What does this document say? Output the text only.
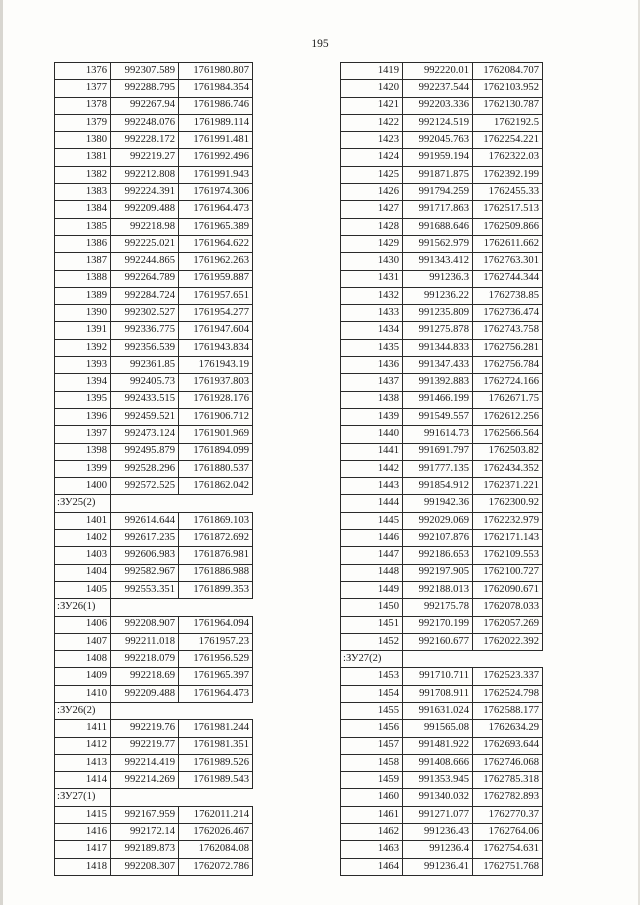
195
1376	992307.589	1761980.807
1377	992288.795	1761984.354
1378	992267.94	1761986.746
1379	992248.076	1761989.114
1380	992228.172	1761991.481
1381	992219.27	1761992.496
1382	992212.808	1761991.943
1383	992224.391	1761974.306
1384	992209.488	1761964.473
1385	992218.98	1761965.389
1386	992225.021	1761964.622
1387	992244.865	1761962.263
1388	992264.789	1761959.887
1389	992284.724	1761957.651
1390	992302.527	1761954.277
1391	992336.775	1761947.604
1392	992356.539	1761943.834
1393	992361.85	1761943.19
1394	992405.73	1761937.803
1395	992433.515	1761928.176
1396	992459.521	1761906.712
1397	992473.124	1761901.969
1398	992495.879	1761894.099
1399	992528.296	1761880.537
1400	992572.525	1761862.042
:ЗУ25(2)		
1401	992614.644	1761869.103
1402	992617.235	1761872.692
1403	992606.983	1761876.981
1404	992582.967	1761886.988
1405	992553.351	1761899.353
:ЗУ26(1)		
1406	992208.907	1761964.094
1407	992211.018	1761957.23
1408	992218.079	1761956.529
1409	992218.69	1761965.397
1410	992209.488	1761964.473
:ЗУ26(2)		
1411	992219.76	1761981.244
1412	992219.77	1761981.351
1413	992214.419	1761989.526
1414	992214.269	1761989.543
:ЗУ27(1)		
1415	992167.959	1762011.214
1416	992172.14	1762026.467
1417	992189.873	1762084.08
1418	992208.307	1762072.786
1419	992220.01	1762084.707
1420	992237.544	1762103.952
1421	992203.336	1762130.787
1422	992124.519	1762192.5
1423	992045.763	1762254.221
1424	991959.194	1762322.03
1425	991871.875	1762392.199
1426	991794.259	1762455.33
1427	991717.863	1762517.513
1428	991688.646	1762509.866
1429	991562.979	1762611.662
1430	991343.412	1762763.301
1431	991236.3	1762744.344
1432	991236.22	1762738.85
1433	991235.809	1762736.474
1434	991275.878	1762743.758
1435	991344.833	1762756.281
1436	991347.433	1762756.784
1437	991392.883	1762724.166
1438	991466.199	1762671.75
1439	991549.557	1762612.256
1440	991614.73	1762566.564
1441	991691.797	1762503.82
1442	991777.135	1762434.352
1443	991854.912	1762371.221
1444	991942.36	1762300.92
1445	992029.069	1762232.979
1446	992107.876	1762171.143
1447	992186.653	1762109.553
1448	992197.905	1762100.727
1449	992188.013	1762090.671
1450	992175.78	1762078.033
1451	992170.199	1762057.269
1452	992160.677	1762022.392
:ЗУ27(2)		
1453	991710.711	1762523.337
1454	991708.911	1762524.798
1455	991631.024	1762588.177
1456	991565.08	1762634.29
1457	991481.922	1762693.644
1458	991408.666	1762746.068
1459	991353.945	1762785.318
1460	991340.032	1762782.893
1461	991271.077	1762770.37
1462	991236.43	1762764.06
1463	991236.4	1762754.631
1464	991236.41	1762751.768
